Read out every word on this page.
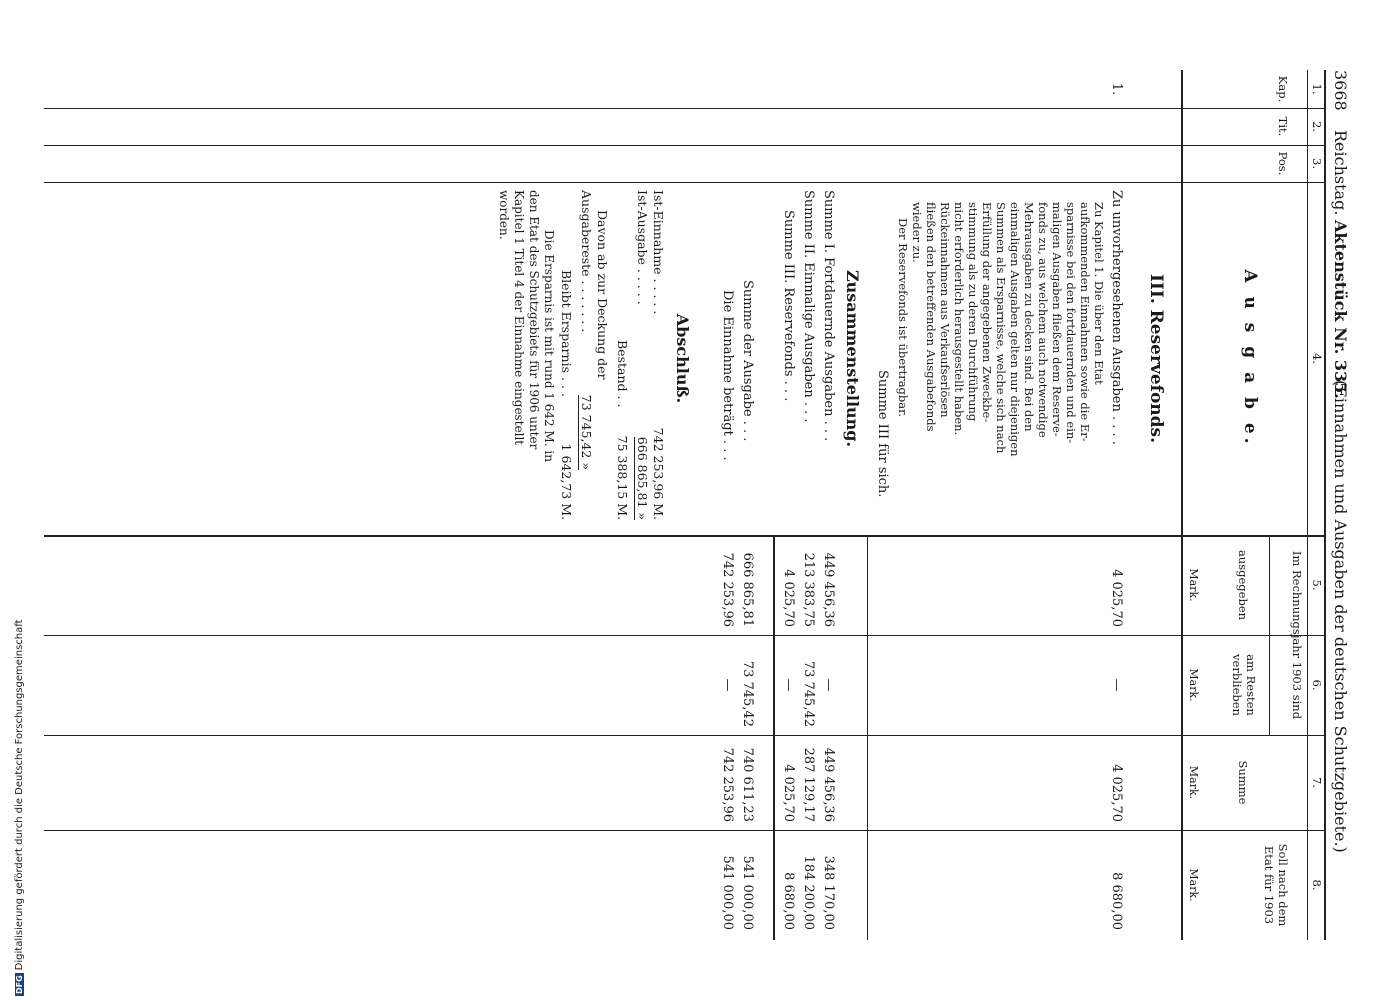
3668
Reichstag.
Aktenstück Nr. 335.
(Einnahmen und Ausgaben der deutschen Schutzgebiete.)
1.
2.
3.
4.
5.
6.
7.
8.
Kap.
Tit.
Pos.
A u s g a b e.
Im Rechnungsjahr 1903 sind
ausgegeben
am Resten verblieben
Summe
Soll nach dem Etat für 1903
Mark.
Mark.
Mark.
Mark.
III. Reservefonds.
1.
Zu unvorhergesehenen Ausgaben . . . .
Zu Kapitel 1. Die über den Etat
aufkommenden Einnahmen sowie die Er-
sparnisse bei den fortdauernden und ein-
maligen Ausgaben fließen dem Reserve-
fonds zu, aus welchem auch notwendige
Mehrausgaben zu decken sind. Bei den
einmaligen Ausgaben gelten nur diejenigen
Summen als Ersparnisse, welche sich nach
Erfüllung der angegebenen Zweckbe-
stimmung als zu deren Durchführung
nicht erforderlich herausgestellt haben.
Rückeinnahmen aus Verkaufserlösen
fließen den betreffenden Ausgabefonds
wieder zu.
Der Reservefonds ist übertragbar.
4 025,70
—
4 025,70
8 680,00
Summe III für sich.
Zusammenstellung.
Summe I. Fortdauernde Ausgaben . . .
449 456,36
—
449 456,36
348 170,00
Summe II. Einmalige Ausgaben . . .
213 383,75
73 745,42
287 129,17
184 200,00
Summe III. Reservefonds . . .
4 025,70
—
4 025,70
8 680,00
Summe der Ausgabe . . .
666 865,81
73 745,42
740 611,23
541 000,00
Die Einnahme beträgt . . .
742 253,96
—
742 253,96
541 000,00
Abschluß.
Ist-Einnahme . . . . .
742 253,96 M.
Ist-Ausgabe . . . . .
666 865,81 »
Bestand . .
75 388,15 M.
Davon ab zur Deckung der
Ausgabereste . . . . . . .
73 745,42 »
Bleibt Ersparnis . . .
1 642,73 M.
Die Ersparnis ist mit rund 1 642 M. in
den Etat des Schutzgebiets für 1906 unter
Kapitel 1 Titel 4 der Einnahme eingestellt
worden.
DFGDigitalisierung gefördert durch die Deutsche Forschungsgemeinschaft
